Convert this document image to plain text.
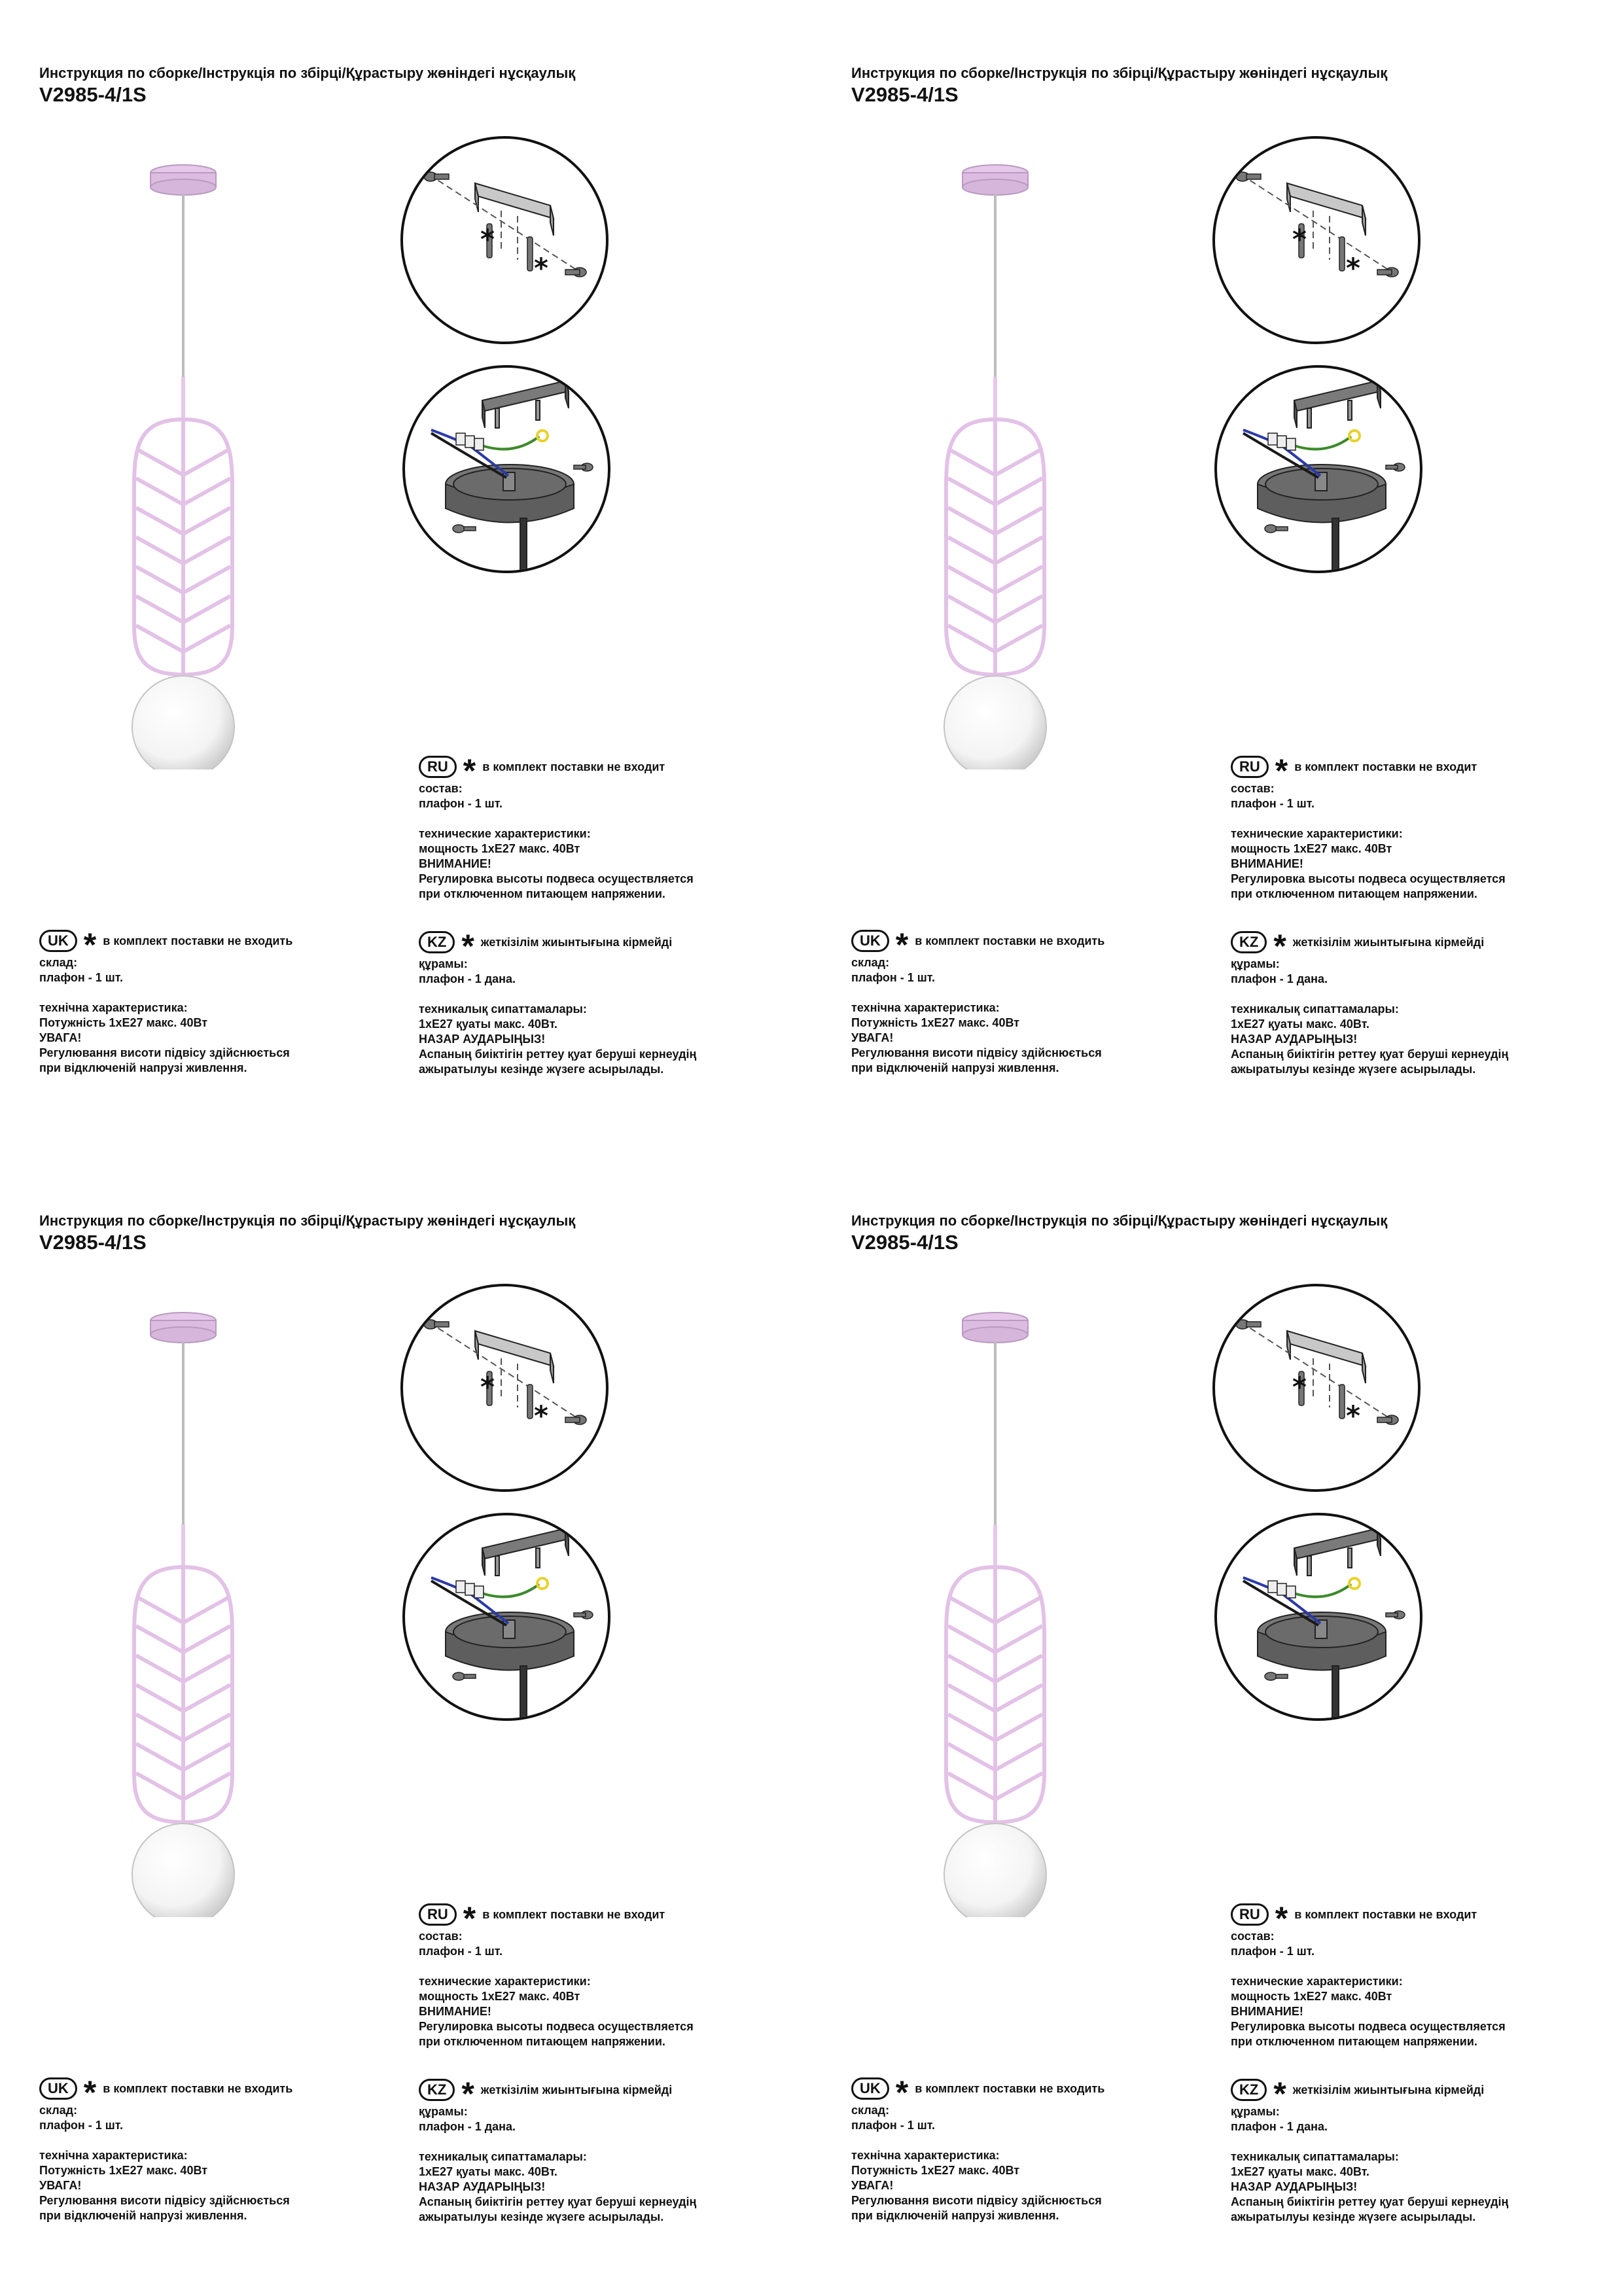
Инструкция по сборке/Інструкція по збірці/Құрастыру жөніндегі нұсқаулық
V2985-4/1S
*
*
RU * в комплект поставки не входит
состав:
плафон - 1 шт.
технические характеристики:
мощность 1xE27 макс. 40Вт
ВНИМАНИЕ!
Регулировка высоты подвеса осуществляется
при отключенном питающем напряжении.
UK * в комплект поставки не входить
склад:
плафон - 1 шт.
технічна характеристика:
Потужність 1xE27 макс. 40Вт
УВАГА!
Регулювання висоти підвісу здійснюється
при відключеній напрузі живлення.
KZ * жеткізілім жиынтығына кірмейді
құрамы:
плафон - 1 дана.
техникалық сипаттамалары:
1xE27 қуаты макс. 40Вт.
НАЗАР АУДАРЫҢЫЗ!
Аспаның биіктігін реттеу қуат беруші кернеудің
ажыратылуы кезінде жүзеге асырылады.
Инструкция по сборке/Інструкція по збірці/Құрастыру жөніндегі нұсқаулық
V2985-4/1S
*
*
RU * в комплект поставки не входит
состав:
плафон - 1 шт.
технические характеристики:
мощность 1xE27 макс. 40Вт
ВНИМАНИЕ!
Регулировка высоты подвеса осуществляется
при отключенном питающем напряжении.
UK * в комплект поставки не входить
склад:
плафон - 1 шт.
технічна характеристика:
Потужність 1xE27 макс. 40Вт
УВАГА!
Регулювання висоти підвісу здійснюється
при відключеній напрузі живлення.
KZ * жеткізілім жиынтығына кірмейді
құрамы:
плафон - 1 дана.
техникалық сипаттамалары:
1xE27 қуаты макс. 40Вт.
НАЗАР АУДАРЫҢЫЗ!
Аспаның биіктігін реттеу қуат беруші кернеудің
ажыратылуы кезінде жүзеге асырылады.
Инструкция по сборке/Інструкція по збірці/Құрастыру жөніндегі нұсқаулық
V2985-4/1S
*
*
RU * в комплект поставки не входит
состав:
плафон - 1 шт.
технические характеристики:
мощность 1xE27 макс. 40Вт
ВНИМАНИЕ!
Регулировка высоты подвеса осуществляется
при отключенном питающем напряжении.
UK * в комплект поставки не входить
склад:
плафон - 1 шт.
технічна характеристика:
Потужність 1xE27 макс. 40Вт
УВАГА!
Регулювання висоти підвісу здійснюється
при відключеній напрузі живлення.
KZ * жеткізілім жиынтығына кірмейді
құрамы:
плафон - 1 дана.
техникалық сипаттамалары:
1xE27 қуаты макс. 40Вт.
НАЗАР АУДАРЫҢЫЗ!
Аспаның биіктігін реттеу қуат беруші кернеудің
ажыратылуы кезінде жүзеге асырылады.
Инструкция по сборке/Інструкція по збірці/Құрастыру жөніндегі нұсқаулық
V2985-4/1S
*
*
RU * в комплект поставки не входит
состав:
плафон - 1 шт.
технические характеристики:
мощность 1xE27 макс. 40Вт
ВНИМАНИЕ!
Регулировка высоты подвеса осуществляется
при отключенном питающем напряжении.
UK * в комплект поставки не входить
склад:
плафон - 1 шт.
технічна характеристика:
Потужність 1xE27 макс. 40Вт
УВАГА!
Регулювання висоти підвісу здійснюється
при відключеній напрузі живлення.
KZ * жеткізілім жиынтығына кірмейді
құрамы:
плафон - 1 дана.
техникалық сипаттамалары:
1xE27 қуаты макс. 40Вт.
НАЗАР АУДАРЫҢЫЗ!
Аспаның биіктігін реттеу қуат беруші кернеудің
ажыратылуы кезінде жүзеге асырылады.
